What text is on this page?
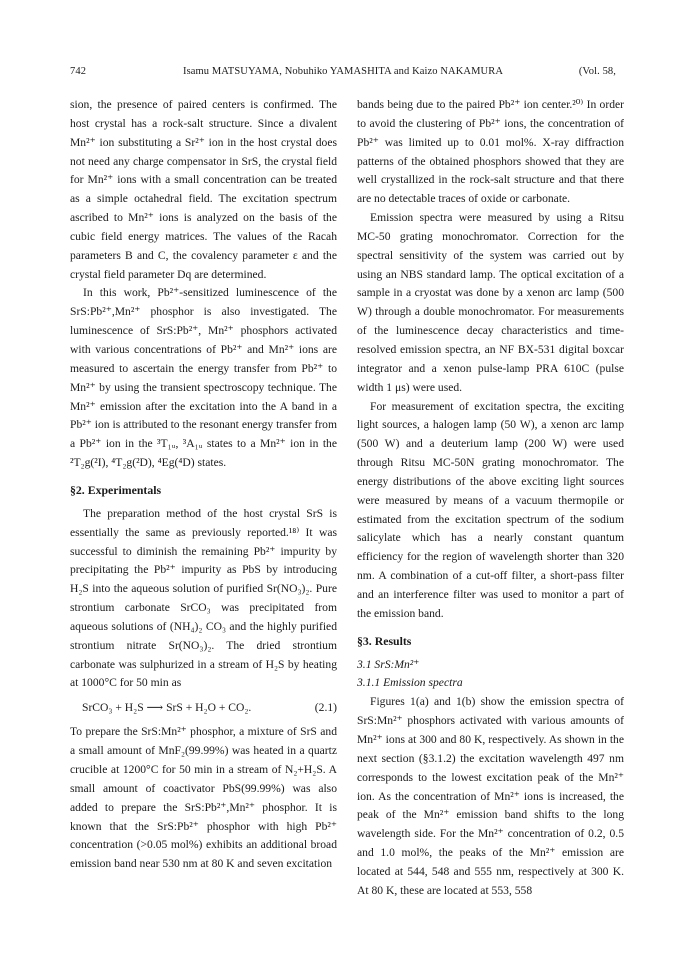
742	Isamu MATSUYAMA, Nobuhiko YAMASHITA and Kaizo NAKAMURA	(Vol. 58,

sion, the presence of paired centers is confirmed. The host crystal has a rock-salt structure. Since a divalent Mn²⁺ ion substituting a Sr²⁺ ion in the host crystal does not need any charge compensator in SrS, the crystal field for Mn²⁺ ions with a small concentration can be treated as a simple octahedral field. The excitation spectrum ascribed to Mn²⁺ ions is analyzed on the basis of the cubic field energy matrices. The values of the Racah parameters B and C, the covalency parameter ε and the crystal field parameter Dq are determined.

In this work, Pb²⁺-sensitized luminescence of the SrS:Pb²⁺,Mn²⁺ phosphor is also investigated. The luminescence of SrS:Pb²⁺, Mn²⁺ phosphors activated with various concentrations of Pb²⁺ and Mn²⁺ ions are measured to ascertain the energy transfer from Pb²⁺ to Mn²⁺ by using the transient spectroscopy technique. The Mn²⁺ emission after the excitation into the A band in a Pb²⁺ ion is attributed to the resonant energy transfer from a Pb²⁺ ion in the ³T₁ᵤ, ³A₁ᵤ states to a Mn²⁺ ion in the ²T₂g(²I), ⁴T₂g(²D), ⁴Eg(⁴D) states.

§2. Experimentals

The preparation method of the host crystal SrS is essentially the same as previously reported.¹⁸⁾ It was successful to diminish the remaining Pb²⁺ impurity by precipitating the Pb²⁺ impurity as PbS by introducing H₂S into the aqueous solution of purified Sr(NO₃)₂. Pure strontium carbonate SrCO₃ was precipitated from aqueous solutions of (NH₄)₂ CO₃ and the highly purified strontium nitrate Sr(NO₃)₂. The dried strontium carbonate was sulphurized in a stream of H₂S by heating at 1000°C for 50 min as

SrCO₃ + H₂S ⟶ SrS + H₂O + CO₂.	(2.1)

To prepare the SrS:Mn²⁺ phosphor, a mixture of SrS and a small amount of MnF₂(99.99%) was heated in a quartz crucible at 1200°C for 50 min in a stream of N₂+H₂S. A small amount of coactivator PbS(99.99%) was also added to prepare the SrS:Pb²⁺,Mn²⁺ phosphor. It is known that the SrS:Pb²⁺ phosphor with high Pb²⁺ concentration (>0.05 mol%) exhibits an additional broad emission band near 530 nm at 80 K and seven excitation

bands being due to the paired Pb²⁺ ion center.²⁰⁾ In order to avoid the clustering of Pb²⁺ ions, the concentration of Pb²⁺ was limited up to 0.01 mol%. X-ray diffraction patterns of the obtained phosphors showed that they are well crystallized in the rock-salt structure and that there are no detectable traces of oxide or carbonate.

Emission spectra were measured by using a Ritsu MC-50 grating monochromator. Correction for the spectral sensitivity of the system was carried out by using an NBS standard lamp. The optical excitation of a sample in a cryostat was done by a xenon arc lamp (500 W) through a double monochromator. For measurements of the luminescence decay characteristics and time-resolved emission spectra, an NF BX-531 digital boxcar integrator and a xenon pulse-lamp PRA 610C (pulse width 1 μs) were used.

For measurement of excitation spectra, the exciting light sources, a halogen lamp (50 W), a xenon arc lamp (500 W) and a deuterium lamp (200 W) were used through Ritsu MC-50N grating monochromator. The energy distributions of the above exciting light sources were measured by means of a vacuum thermopile or estimated from the excitation spectrum of the sodium salicylate which has a nearly constant quantum efficiency for the region of wavelength shorter than 320 nm. A combination of a cut-off filter, a short-pass filter and an interference filter was used to monitor a part of the emission band.

§3. Results
3.1 SrS:Mn²⁺
3.1.1 Emission spectra

Figures 1(a) and 1(b) show the emission spectra of SrS:Mn²⁺ phosphors activated with various amounts of Mn²⁺ ions at 300 and 80 K, respectively. As shown in the next section (§3.1.2) the excitation wavelength 497 nm corresponds to the lowest excitation peak of the Mn²⁺ ion. As the concentration of Mn²⁺ ions is increased, the peak of the Mn²⁺ emission band shifts to the long wavelength side. For the Mn²⁺ concentration of 0.2, 0.5 and 1.0 mol%, the peaks of the Mn²⁺ emission are located at 544, 548 and 555 nm, respectively at 300 K. At 80 K, these are located at 553, 558
